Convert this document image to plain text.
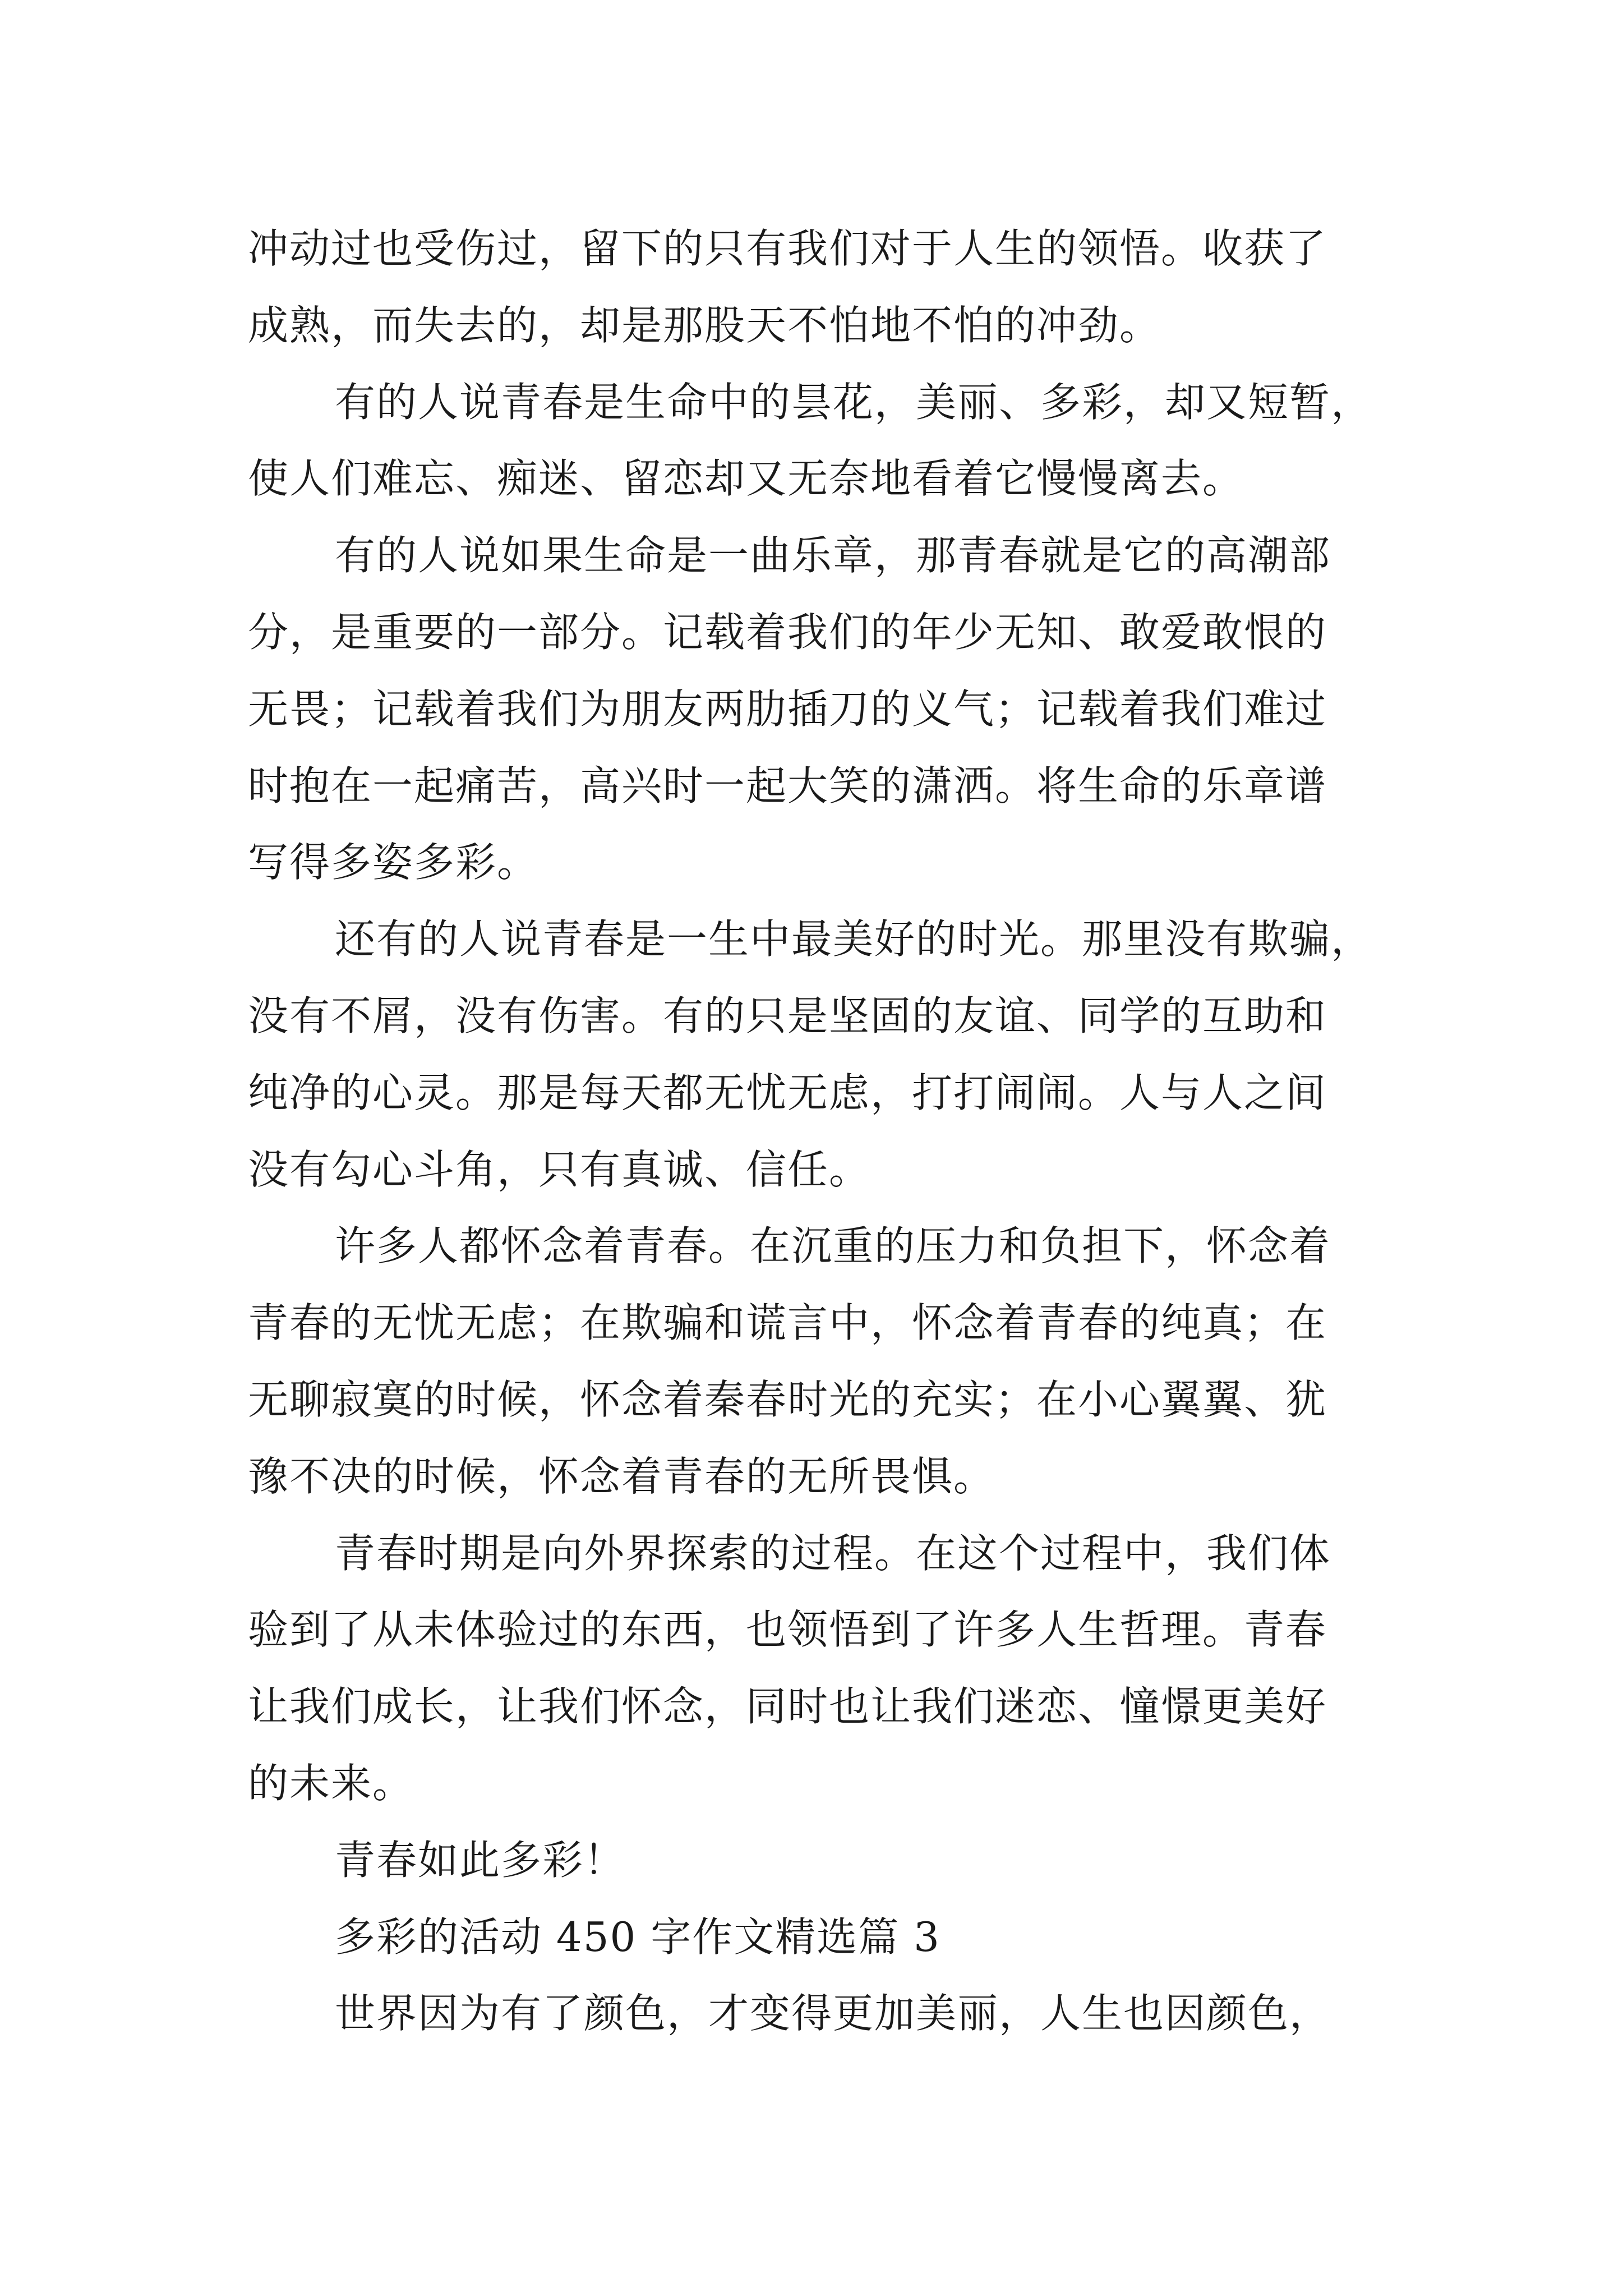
冲动过也受伤过，留下的只有我们对于人生的领悟。收获了
成熟，而失去的，却是那股天不怕地不怕的冲劲。
有的人说青春是生命中的昙花，美丽、多彩，却又短暂，
使人们难忘、痴迷、留恋却又无奈地看着它慢慢离去。
有的人说如果生命是一曲乐章，那青春就是它的高潮部
分，是重要的一部分。记载着我们的年少无知、敢爱敢恨的
无畏；记载着我们为朋友两肋插刀的义气；记载着我们难过
时抱在一起痛苦，高兴时一起大笑的潇洒。将生命的乐章谱
写得多姿多彩。
还有的人说青春是一生中最美好的时光。那里没有欺骗，
没有不屑，没有伤害。有的只是坚固的友谊、同学的互助和
纯净的心灵。那是每天都无忧无虑，打打闹闹。人与人之间
没有勾心斗角，只有真诚、信任。
许多人都怀念着青春。在沉重的压力和负担下，怀念着
青春的无忧无虑；在欺骗和谎言中，怀念着青春的纯真；在
无聊寂寞的时候，怀念着秦春时光的充实；在小心翼翼、犹
豫不决的时候，怀念着青春的无所畏惧。
青春时期是向外界探索的过程。在这个过程中，我们体
验到了从未体验过的东西，也领悟到了许多人生哲理。青春
让我们成长，让我们怀念，同时也让我们迷恋、憧憬更美好
的未来。
青春如此多彩！
多彩的活动 450 字作文精选篇 3
世界因为有了颜色，才变得更加美丽，人生也因颜色，
